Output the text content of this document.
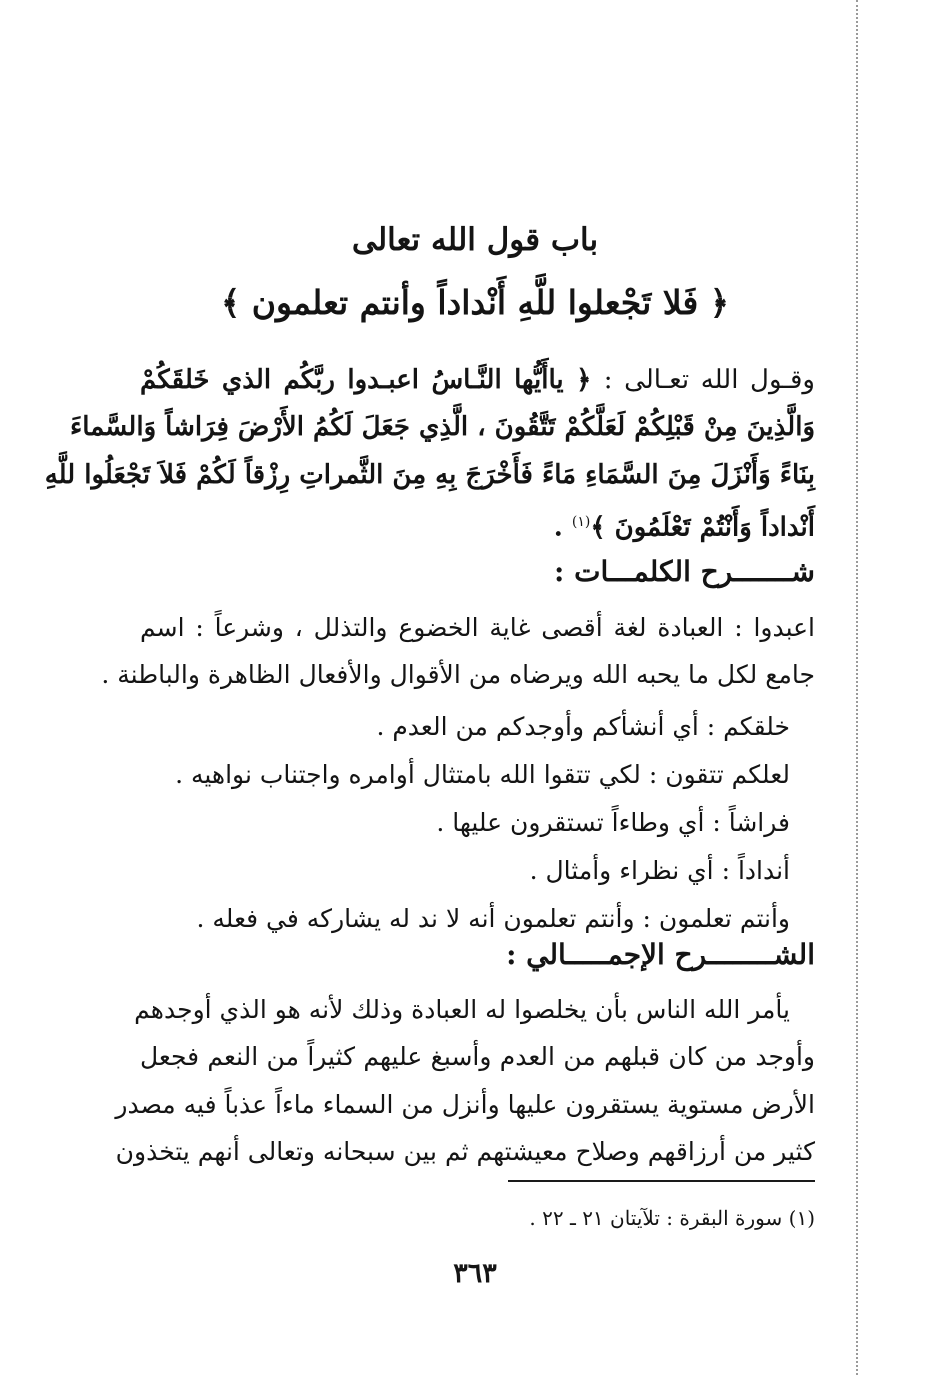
باب قول الله تعالى
﴿ فَلا تَجْعلوا للَّهِ أَنْداداً وأنتم تعلمون ﴾
وقـول الله تعـالى : ﴿ ياأَيُّها النَّـاسُ اعبـدوا ربَّكُم الذي خَلقَكُمْ
وَالَّذِينَ مِنْ قَبْلِكُمْ لَعَلَّكُمْ تَتَّقُونَ ، الَّذِي جَعَلَ لَكُمُ الأَرْضَ فِرَاشاً وَالسَّماءَ
بِنَاءً وَأَنْزَلَ مِنَ السَّمَاءِ مَاءً فَأَخْرَجَ بِهِ مِنَ الثَّمراتِ رِزْقاً لَكُمْ فَلاَ تَجْعَلُوا للَّهِ
أَنْداداً وَأَنْتُمْ تَعْلَمُونَ ﴾$^{(١)}$ .
شـــــــرح الكلمـــات :
اعبدوا : العبادة لغة أقصى غاية الخضوع والتذلل ، وشرعاً : اسم
جامع لكل ما يحبه الله ويرضاه من الأقوال والأفعال الظاهرة والباطنة .
خلقكم : أي أنشأكم وأوجدكم من العدم .
لعلكم تتقون : لكي تتقوا الله بامتثال أوامره واجتناب نواهيه .
فراشاً : أي وطاءاً تستقرون عليها .
أنداداً : أي نظراء وأمثال .
وأنتم تعلمون : وأنتم تعلمون أنه لا ند له يشاركه في فعله .
الشــــــــرح الإجمـــــالي :
يأمر الله الناس بأن يخلصوا له العبادة وذلك لأنه هو الذي أوجدهم
وأوجد من كان قبلهم من العدم وأسبغ عليهم كثيراً من النعم فجعل
الأرض مستوية يستقرون عليها وأنزل من السماء ماءاً عذباً فيه مصدر
كثير من أرزاقهم وصلاح معيشتهم ثم بين سبحانه وتعالى أنهم يتخذون
(١) سورة البقرة : تلآيتان ٢١ ـ ٢٢ .
٣٦٣
